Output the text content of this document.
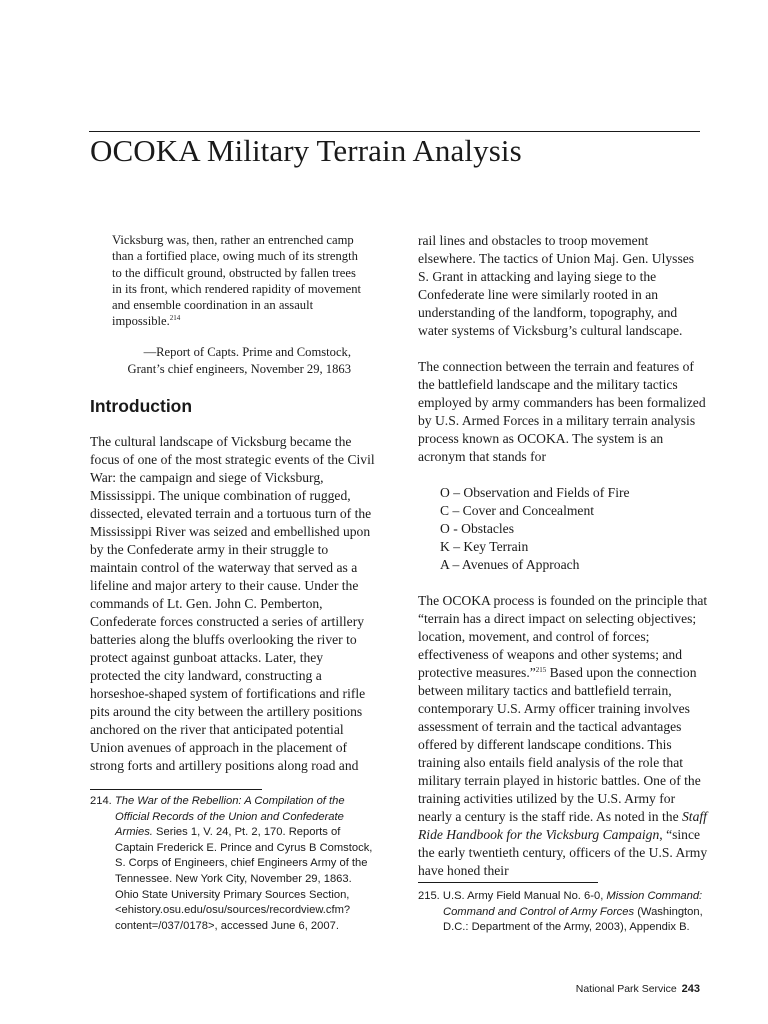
OCOKA Military Terrain Analysis

Vicksburg was, then, rather an entrenched camp than a fortified place, owing much of its strength to the difficult ground, obstructed by fallen trees in its front, which rendered rapidity of movement and ensemble coordination in an assault impossible.$^{214}$

—Report of Capts. Prime and Comstock,
Grant’s chief engineers, November 29, 1863
Introduction

The cultural landscape of Vicksburg became the focus of one of the most strategic events of the Civil War: the campaign and siege of Vicksburg, Mississippi. The unique combination of rugged, dissected, elevated terrain and a tortuous turn of the Mississippi River was seized and embellished upon by the Confederate army in their struggle to maintain control of the waterway that served as a lifeline and major artery to their cause. Under the commands of Lt. Gen. John C. Pemberton, Confederate forces constructed a series of artillery batteries along the bluffs overlooking the river to protect against gunboat attacks. Later, they protected the city landward, constructing a horseshoe-shaped system of fortifications and rifle pits around the city between the artillery positions anchored on the river that anticipated potential Union avenues of approach in the placement of strong forts and artillery positions along road and

rail lines and obstacles to troop movement elsewhere. The tactics of Union Maj. Gen. Ulysses S. Grant in attacking and laying siege to the Confederate line were similarly rooted in an understanding of the landform, topography, and water systems of Vicksburg’s cultural landscape.

The connection between the terrain and features of the battlefield landscape and the military tactics employed by army commanders has been formalized by U.S. Armed Forces in a military terrain analysis process known as OCOKA. The system is an acronym that stands for

O – Observation and Fields of Fire
C – Cover and Concealment
O - Obstacles
K – Key Terrain
A – Avenues of Approach

The OCOKA process is founded on the principle that “terrain has a direct impact on selecting objectives; location, movement, and control of forces; effectiveness of weapons and other systems; and protective measures.”$^{215}$ Based upon the connection between military tactics and battlefield terrain, contemporary U.S. Army officer training involves assessment of terrain and the tactical advantages offered by different landscape conditions. This training also entails field analysis of the role that military terrain played in historic battles. One of the training activities utilized by the U.S. Army for nearly a century is the staff ride. As noted in the Staff Ride Handbook for the Vicksburg Campaign, “since the early twentieth century, officers of the U.S. Army have honed their

214. The War of the Rebellion: A Compilation of the Official Records of the Union and Confederate Armies. Series 1, V. 24, Pt. 2, 170. Reports of Captain Frederick E. Prince and Cyrus B Comstock, S. Corps of Engineers, chief Engineers Army of the Tennessee. New York City, November 29, 1863. Ohio State University Primary Sources Section, <ehistory.osu.edu/osu/sources/recordview.cfm?content=/037/0178>, accessed June 6, 2007.
215. U.S. Army Field Manual No. 6-0, Mission Command: Command and Control of Army Forces (Washington, D.C.: Department of the Army, 2003), Appendix B.
National Park Service 243
